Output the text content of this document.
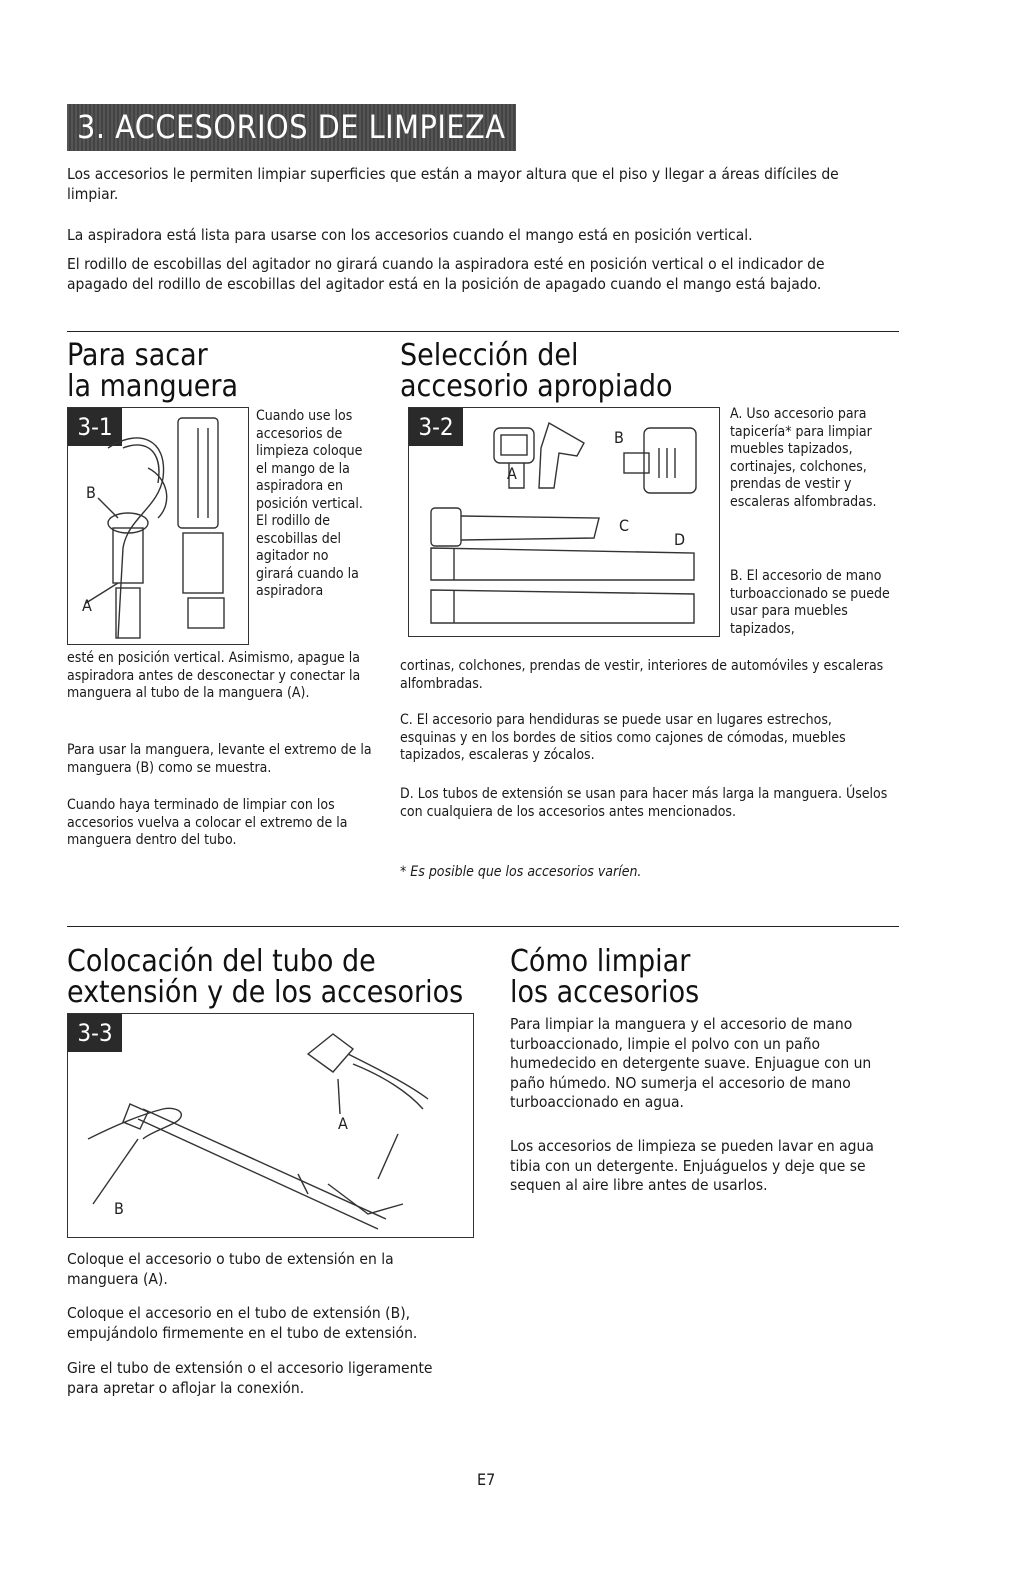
3. ACCESORIOS DE LIMPIEZA

Los accesorios le permiten limpiar superficies que están a mayor altura que el piso y llegar a áreas difíciles de limpiar.

La aspiradora está lista para usarse con los accesorios cuando el mango está en posición vertical.

El rodillo de escobillas del agitador no girará cuando la aspiradora esté en posición vertical o el indicador de apagado del rodillo de escobillas del agitador está en la posición de apagado cuando el mango está bajado.

Para sacar
la manguera
3-1
B
A

Cuando use los accesorios de limpieza coloque el mango de la aspiradora en posición vertical. El rodillo de escobillas del agitador no girará cuando la aspiradora

esté en posición vertical. Asimismo, apague la aspiradora antes de desconectar y conectar la manguera al tubo de la manguera (A).

Para usar la manguera, levante el extremo de la manguera (B) como se muestra.

Cuando haya terminado de limpiar con los accesorios vuelva a colocar el extremo de la manguera dentro del tubo.

Selección del
accesorio apropiado
3-2	B
A
C
D

A. Uso accesorio para tapicería* para limpiar muebles tapizados, cortinajes, colchones, prendas de vestir y escaleras alfombradas.

B. El accesorio de mano turboaccionado se puede usar para muebles tapizados,

cortinas, colchones, prendas de vestir, interiores de automóviles y escaleras alfombradas.

C. El accesorio para hendiduras se puede usar en lugares estrechos, esquinas y en los bordes de sitios como cajones de cómodas, muebles tapizados, escaleras y zócalos.

D. Los tubos de extensión se usan para hacer más larga la manguera. Úselos con cualquiera de los accesorios antes mencionados.

* Es posible que los accesorios varíen.

Colocación del tubo de
extensión y de los accesorios
3-3
A
B

Coloque el accesorio o tubo de extensión en la manguera (A).

Coloque el accesorio en el tubo de extensión (B), empujándolo firmemente en el tubo de extensión.

Gire el tubo de extensión o el accesorio ligeramente para apretar o aflojar la conexión.

Cómo limpiar
los accesorios

Para limpiar la manguera y el accesorio de mano turboaccionado, limpie el polvo con un paño humedecido en detergente suave. Enjuague con un paño húmedo. NO sumerja el accesorio de mano turboaccionado en agua.

Los accesorios de limpieza se pueden lavar en agua tibia con un detergente. Enjuáguelos y deje que se sequen al aire libre antes de usarlos.

E7
